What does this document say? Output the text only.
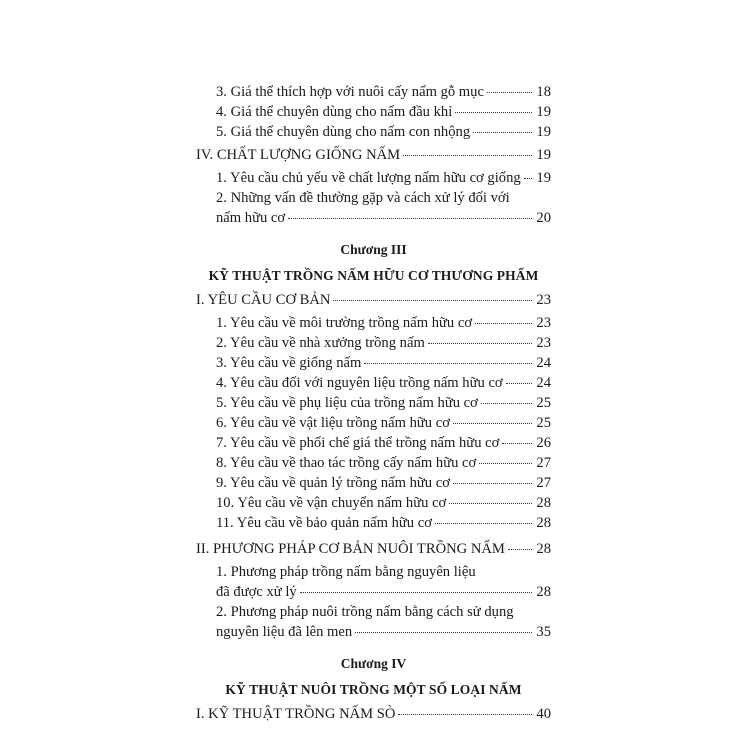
3. Giá thể thích hợp với nuôi cấy nấm gỗ mục	18
4. Giá thể chuyên dùng cho nấm đầu khỉ	19
5. Giá thể chuyên dùng cho nấm con nhộng	19
IV. CHẤT LƯỢNG GIỐNG NẤM	19
1. Yêu cầu chủ yếu về chất lượng nấm hữu cơ giống 19
2. Những vấn đề thường gặp và cách xử lý đối với
nấm hữu cơ	20
Chương III
KỸ THUẬT TRỒNG NẤM HỮU CƠ THƯƠNG PHẨM
I. YÊU CẦU CƠ BẢN	23
1. Yêu cầu về môi trường trồng nấm hữu cơ	23
2. Yêu cầu về nhà xưởng trồng nấm	23
3. Yêu cầu về giống nấm	24
4. Yêu cầu đối với nguyên liệu trồng nấm hữu cơ 24
5. Yêu cầu về phụ liệu của trồng nấm hữu cơ	25
6. Yêu cầu về vật liệu trồng nấm hữu cơ	25
7. Yêu cầu về phối chế giá thể trồng nấm hữu cơ	26
8. Yêu cầu về thao tác trồng cấy nấm hữu cơ	27
9. Yêu cầu về quản lý trồng nấm hữu cơ	27
10. Yêu cầu về vận chuyển nấm hữu cơ	28
11. Yêu cầu về bảo quản nấm hữu cơ	28
II. PHƯƠNG PHÁP CƠ BẢN NUÔI TRỒNG NẤM 28
1. Phương pháp trồng nấm bằng nguyên liệu
đã được xử lý	28
2. Phương pháp nuôi trồng nấm bằng cách sử dụng
nguyên liệu đã lên men	35
Chương IV
KỸ THUẬT NUÔI TRỒNG MỘT SỐ LOẠI NẤM
I. KỸ THUẬT TRỒNG NẤM SÒ	40
